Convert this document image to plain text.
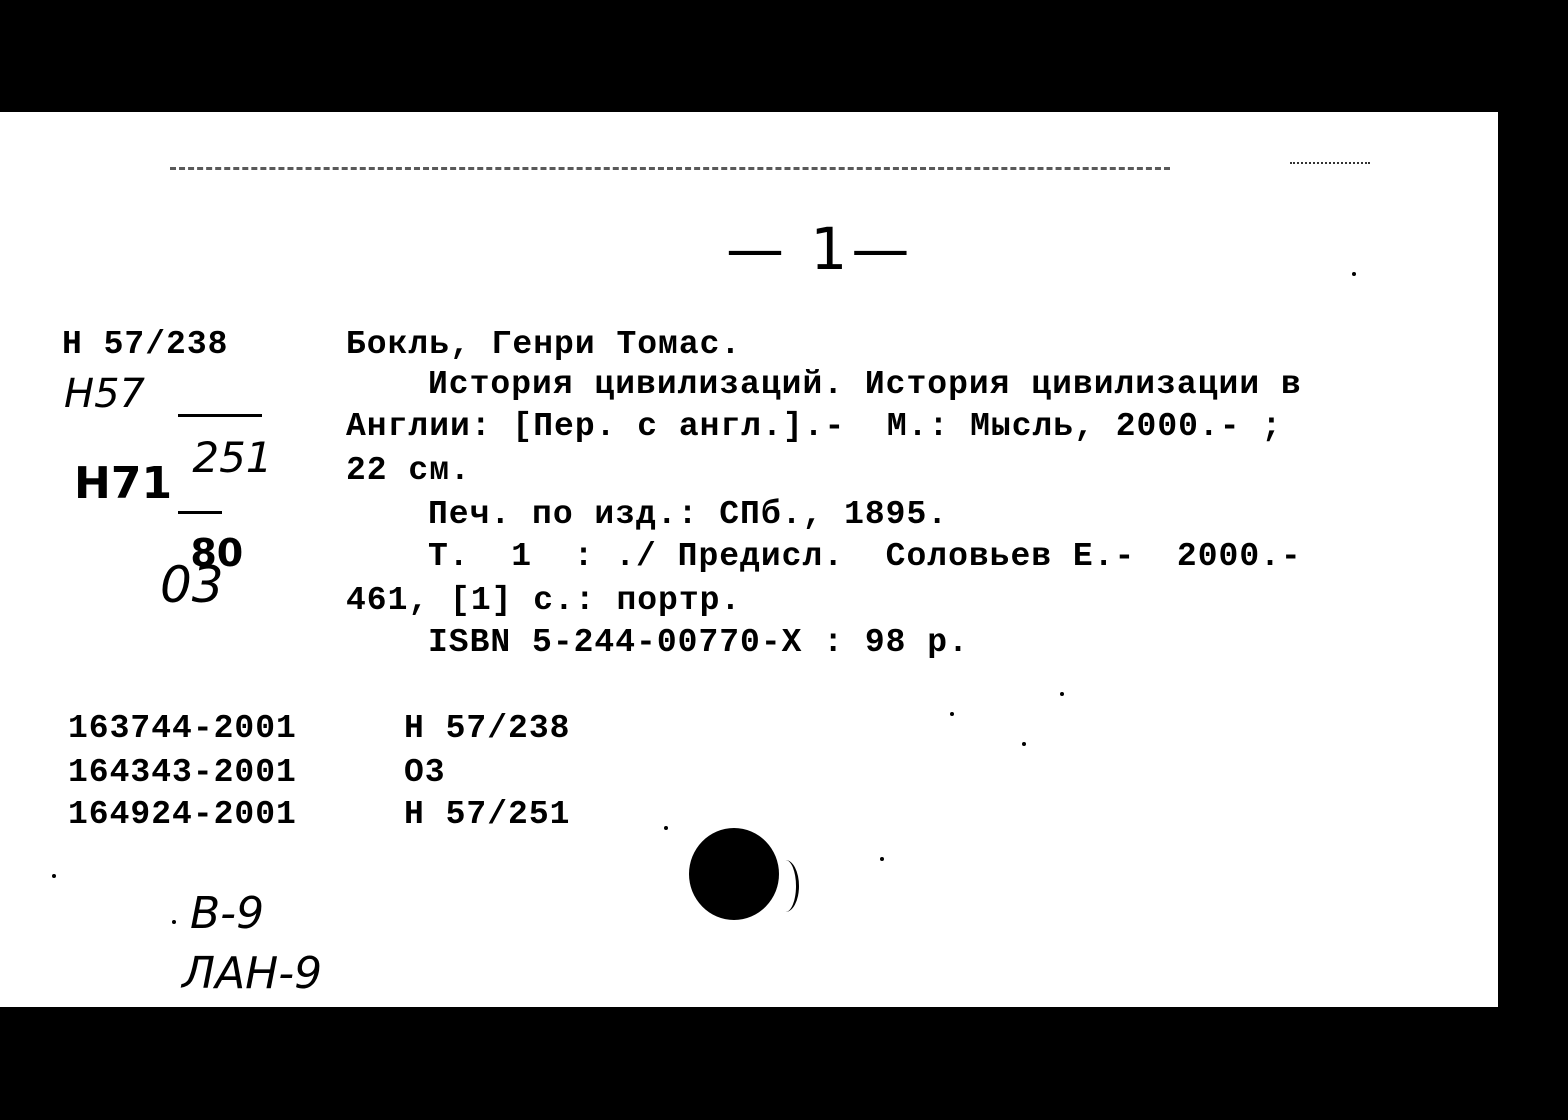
— 1—
H 57/238
H57

251

H71

80

03
Бокль, Генри Томас.
История цивилизаций. История цивилизации в
Англии: [Пер. с англ.].-  М.: Мысль, 2000.- ;
22 см.
Печ. по изд.: СПб., 1895.
Т.  1  : ./ Предисл.  Соловьев Е.-  2000.-
461, [1] с.: портр.
ISBN 5-244-00770-X : 98 р.
163744-2001	H 57/238
164343-2001	О3
164924-2001	H 57/251
В-9
ЛАН-9
